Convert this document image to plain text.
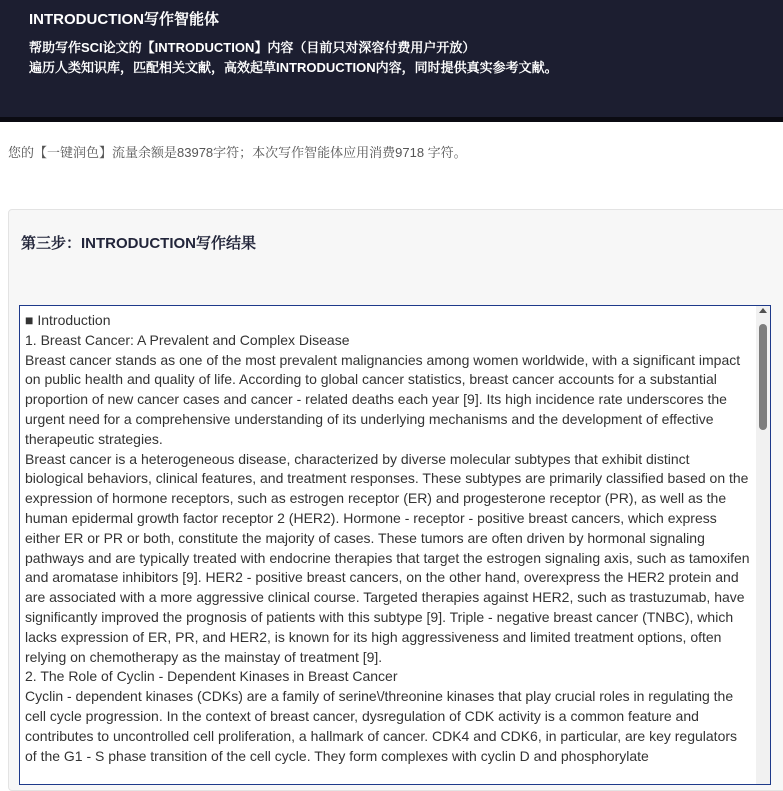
INTRODUCTION写作智能体

帮助写作SCI论文的【INTRODUCTION】内容（目前只对深容付费用户开放）

遍历人类知识库，匹配相关文献，高效起草INTRODUCTION内容，同时提供真实参考文献。

您的【一键润色】流量余额是83978字符；本次写作智能体应用消费9718 字符。
第三步：INTRODUCTION写作结果
■ Introduction
1. Breast Cancer: A Prevalent and Complex Disease
Breast cancer stands as one of the most prevalent malignancies among women worldwide, with a significant impact on public health and quality of life. According to global cancer statistics, breast cancer accounts for a substantial proportion of new cancer cases and cancer - related deaths each year [9]. Its high incidence rate underscores the urgent need for a comprehensive understanding of its underlying mechanisms and the development of effective therapeutic strategies.
Breast cancer is a heterogeneous disease, characterized by diverse molecular subtypes that exhibit distinct biological behaviors, clinical features, and treatment responses. These subtypes are primarily classified based on the expression of hormone receptors, such as estrogen receptor (ER) and progesterone receptor (PR), as well as the human epidermal growth factor receptor 2 (HER2). Hormone - receptor - positive breast cancers, which express either ER or PR or both, constitute the majority of cases. These tumors are often driven by hormonal signaling pathways and are typically treated with endocrine therapies that target the estrogen signaling axis, such as tamoxifen and aromatase inhibitors [9]. HER2 - positive breast cancers, on the other hand, overexpress the HER2 protein and are associated with a more aggressive clinical course. Targeted therapies against HER2, such as trastuzumab, have significantly improved the prognosis of patients with this subtype [9]. Triple - negative breast cancer (TNBC), which lacks expression of ER, PR, and HER2, is known for its high aggressiveness and limited treatment options, often relying on chemotherapy as the mainstay of treatment [9].
2. The Role of Cyclin - Dependent Kinases in Breast Cancer
Cyclin - dependent kinases (CDKs) are a family of serine\/threonine kinases that play crucial roles in regulating the cell cycle progression. In the context of breast cancer, dysregulation of CDK activity is a common feature and contributes to uncontrolled cell proliferation, a hallmark of cancer. CDK4 and CDK6, in particular, are key regulators of the G1 - S phase transition of the cell cycle. They form complexes with cyclin D and phosphorylate
